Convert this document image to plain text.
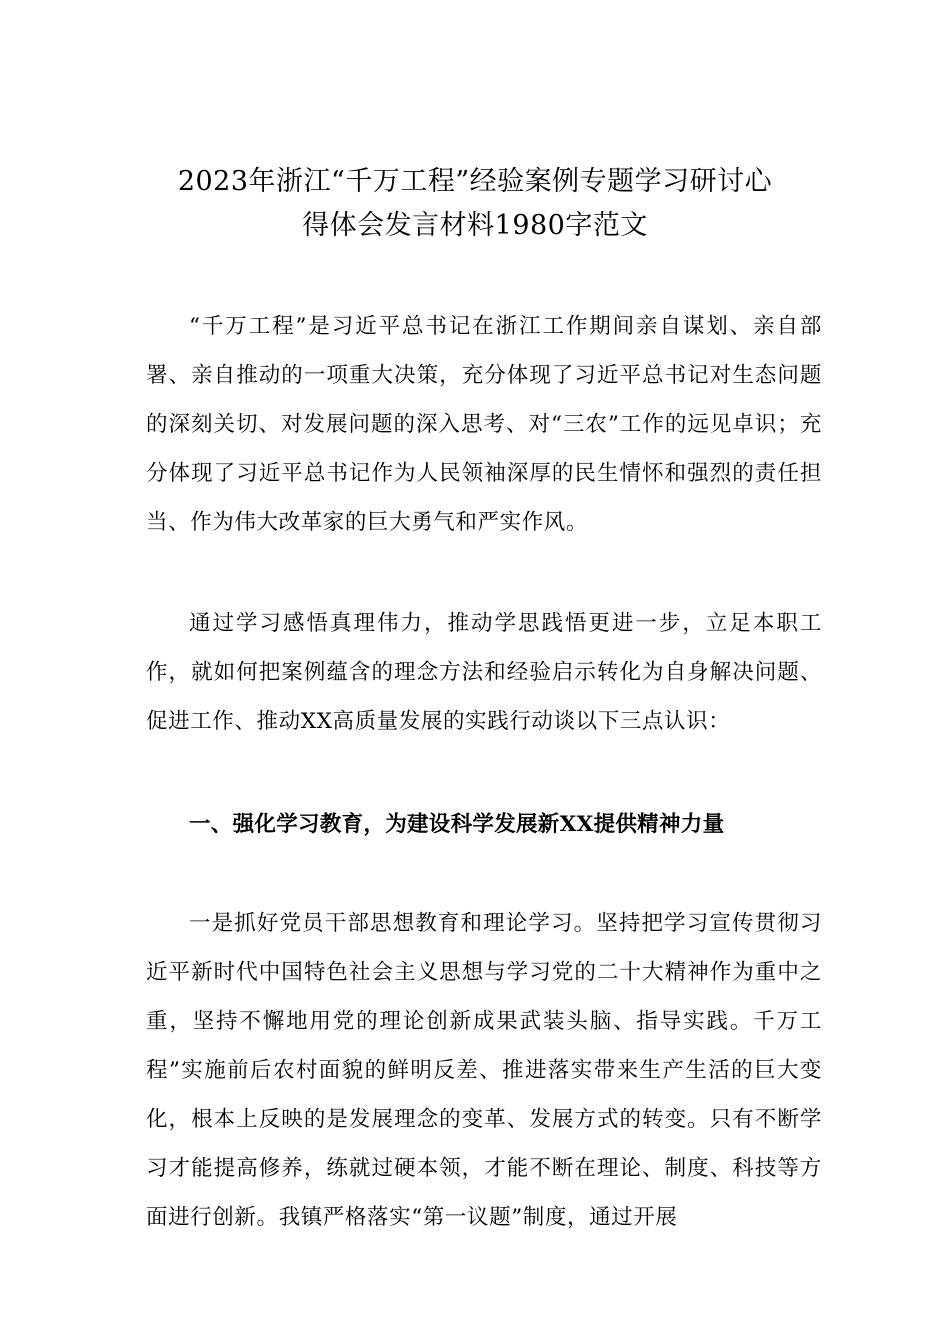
2023年浙江“千万工程”经验案例专题学习研讨心
得体会发言材料1980字范文

“千万工程”是习近平总书记在浙江工作期间亲自谋划、亲自部署、亲自推动的一项重大决策，充分体现了习近平总书记对生态问题的深刻关切、对发展问题的深入思考、对“三农”工作的远见卓识；充分体现了习近平总书记作为人民领袖深厚的民生情怀和强烈的责任担当、作为伟大改革家的巨大勇气和严实作风。

通过学习感悟真理伟力，推动学思践悟更进一步，立足本职工作，就如何把案例蕴含的理念方法和经验启示转化为自身解决问题、促进工作、推动XX高质量发展的实践行动谈以下三点认识：

一、强化学习教育，为建设科学发展新XX提供精神力量

一是抓好党员干部思想教育和理论学习。坚持把学习宣传贯彻习近平新时代中国特色社会主义思想与学习党的二十大精神作为重中之重，坚持不懈地用党的理论创新成果武装头脑、指导实践。千万工程”实施前后农村面貌的鲜明反差、推进落实带来生产生活的巨大变化，根本上反映的是发展理念的变革、发展方式的转变。只有不断学习才能提高修养，练就过硬本领，才能不断在理论、制度、科技等方面进行创新。我镇严格落实“第一议题”制度，通过开展
